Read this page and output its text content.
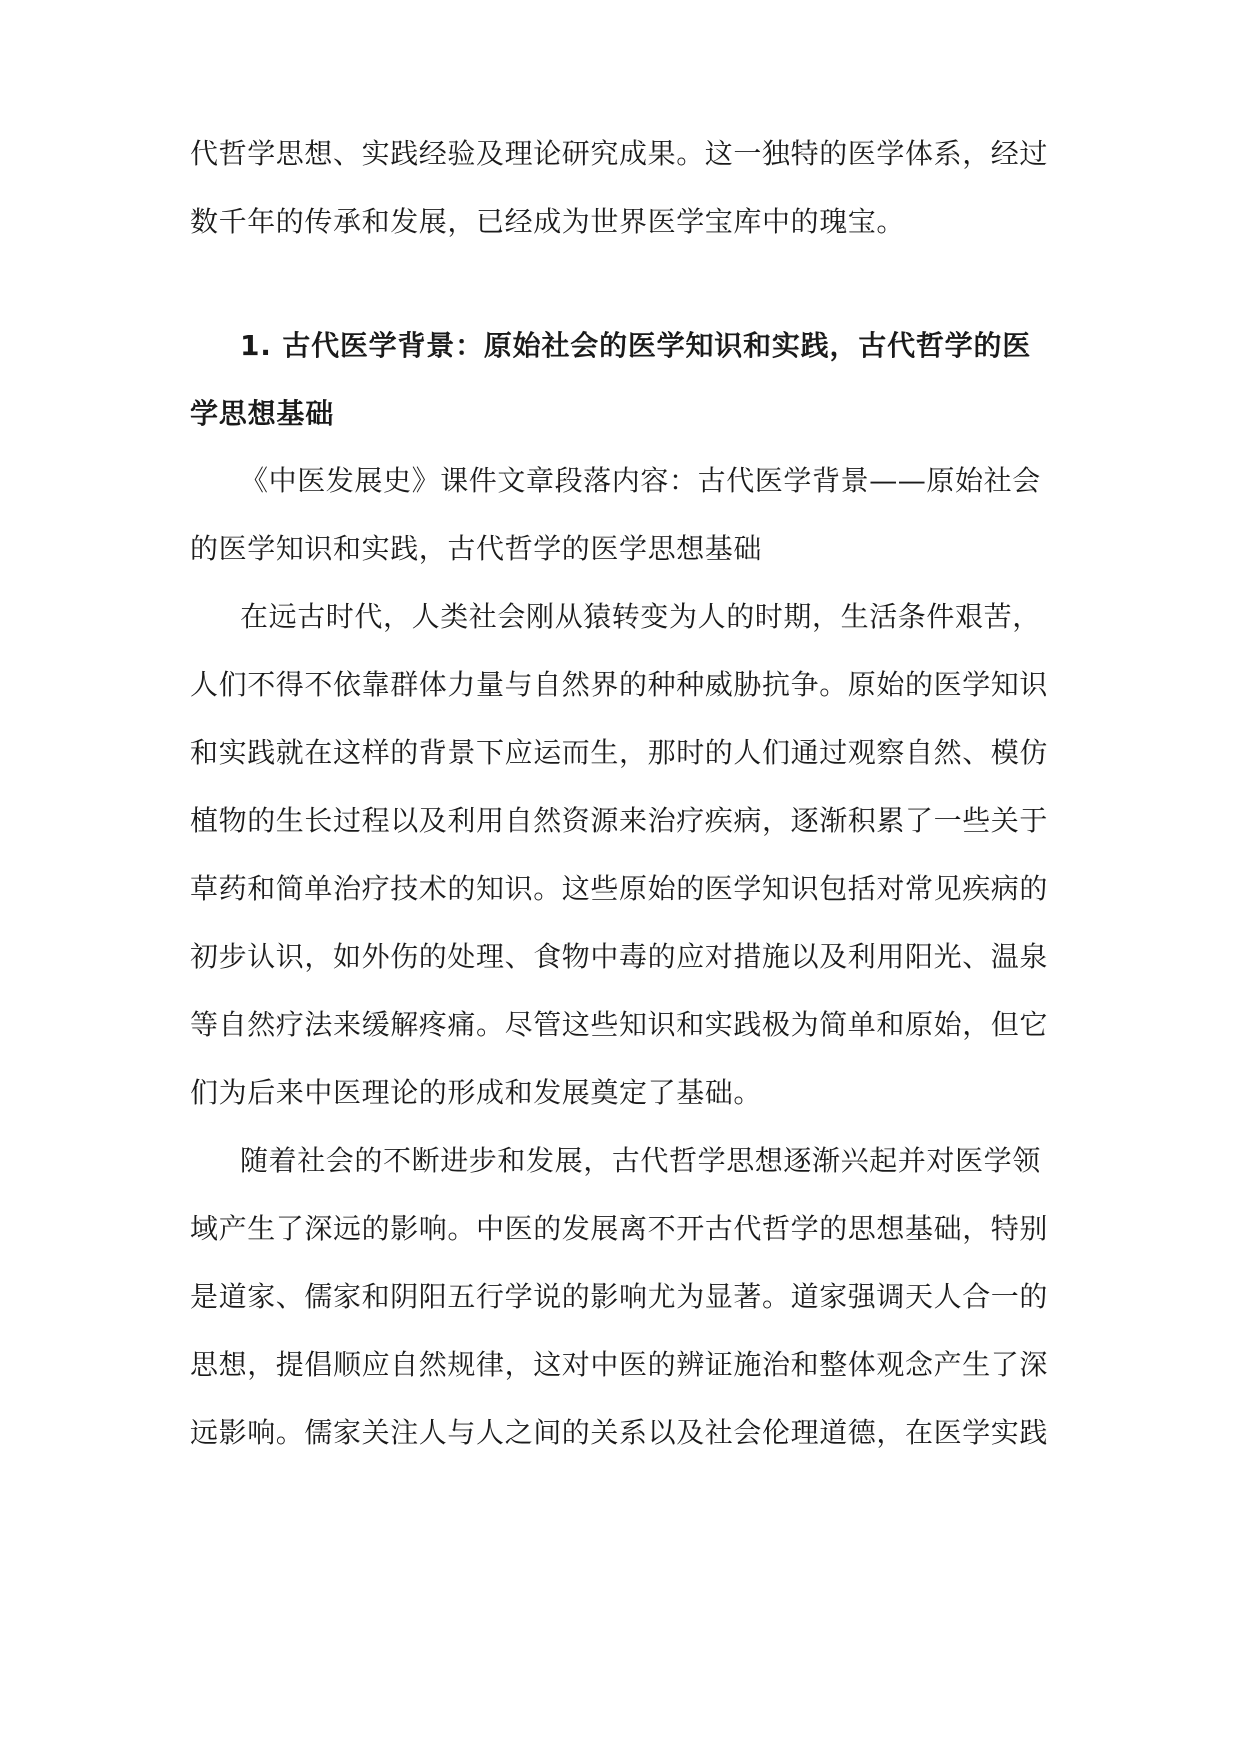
代哲学思想、实践经验及理论研究成果。这一独特的医学体系，经过
数千年的传承和发展，已经成为世界医学宝库中的瑰宝。
1. 古代医学背景：原始社会的医学知识和实践，古代哲学的医
学思想基础
《中医发展史》课件文章段落内容：古代医学背景——原始社会
的医学知识和实践，古代哲学的医学思想基础
在远古时代，人类社会刚从猿转变为人的时期，生活条件艰苦，
人们不得不依靠群体力量与自然界的种种威胁抗争。原始的医学知识
和实践就在这样的背景下应运而生，那时的人们通过观察自然、模仿
植物的生长过程以及利用自然资源来治疗疾病，逐渐积累了一些关于
草药和简单治疗技术的知识。这些原始的医学知识包括对常见疾病的
初步认识，如外伤的处理、食物中毒的应对措施以及利用阳光、温泉
等自然疗法来缓解疼痛。尽管这些知识和实践极为简单和原始，但它
们为后来中医理论的形成和发展奠定了基础。
随着社会的不断进步和发展，古代哲学思想逐渐兴起并对医学领
域产生了深远的影响。中医的发展离不开古代哲学的思想基础，特别
是道家、儒家和阴阳五行学说的影响尤为显著。道家强调天人合一的
思想，提倡顺应自然规律，这对中医的辨证施治和整体观念产生了深
远影响。儒家关注人与人之间的关系以及社会伦理道德，在医学实践
